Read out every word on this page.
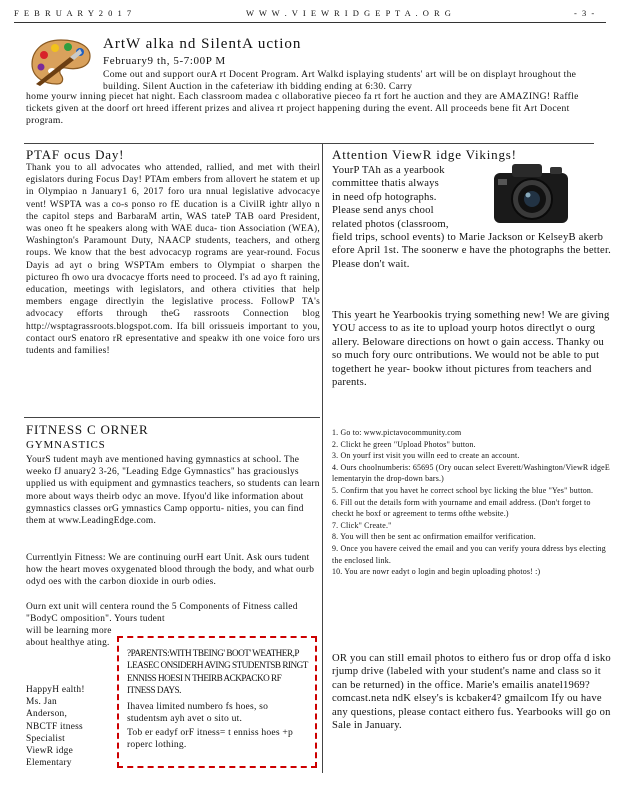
F E B R U A R Y 2 0 1 7	W W W . V I E W R I D G E P T A . O R G	- 3 -
ArtW alka nd SilentA uction
February9 th, 5-7:00P M

Come out and support ourA rt Docent Program. Art Walkd isplaying students' art will be on displayt hroughout the building. Silent Auction in the cafeteriaw ith bidding ending at 6:30. Carry

home yourw inning piecet hat night. Each classroom madea c ollaborative pieceo fa rt fort he auction and they are AMAZING! Raffle tickets given at the doorf ort hreed ifferent prizes and alivea rt project happening during the event. All proceeds bene fit Art Docent program.

PTAF ocus Day!

Thank you to all advocates who attended, rallied, and met with theirl egislators during Focus Day! PTAm embers from allovert he statem et up in Olympiao n January1 6, 2017 foro ura nnual legislative advocacye vent! WSPTA was a co-s ponso ro fE ducation is a CivilR ightr allyo n the capitol steps and BarbaraM artin, WAS tateP TAB oard President, was oneo ft he speakers along with WAE duca- tion Association (WEA), Washington's Paramount Duty, NAACP students, teachers, and otherg roups. We know that the best advocacyp rograms are year-round. Focus Dayis ad ayt o bring WSPTAm embers to Olympiat o sharpen the pictureo fh owo ura dvocacye fforts need to proceed. I's ad ayo ft raining, education, meetings with legislators, and othera ctivities that help members engage directlyin the legislative process. FollowP TA's advocacy efforts through theG rassroots Connection blog http://wsptagrassroots.blogspot.com. Ifa bill orissueis important to you, contact ourS enatoro rR epresentative and speakw ith one voice foro urs tudents and families!

FITNESS C ORNER
GYMNASTICS

YourS tudent mayh ave mentioned having gymnastics at school. The weeko fJ anuary2 3-26, "Leading Edge Gymnastics" has graciouslys upplied us with equipment and gymnastics teachers, so students can learn more about ways theirb odyc an move. Ifyou'd like information about gymnastics classes orG ymnastics Camp opportu- nities, you can find them at www.LeadingEdge.com.

Currentlyin Fitness: We are continuing ourH eart Unit. Ask ours tudent how the heart moves oxygenated blood through the body, and what ourb odyd oes with the carbon dioxide in ourb odies.

Ourn ext unit will centera round the 5 Components of Fitness called "BodyC omposition". Yours tudent

will be learning more about healthye ating.

HappyH ealth!
Ms. Jan
Anderson,
NBCTF itness
Specialist
ViewR idge
Elementary

?PARENTS:WITH TBEING' BOOT' WEATHER,P LEASEC ONSIDERH AVING STUDENTSB RINGT ENNISS HOESI N THEIRB ACKPACKO RF ITNESS DAYS.

Ihavea limited numbero fs hoes, so studentsm ayh avet o sito ut.

Tob er eadyf orF itness= t enniss hoes +p roperc lothing.

Attention ViewR idge Vikings!
YourP TAh as a yearbook
committee thatis always
in need ofp hotographs.
Please send anys chool
related photos (classroom,

field trips, school events) to Marie Jackson or KelseyB akerb efore April 1st. The soonerw e have the photographs the better. Please don't wait.

This yeart he Yearbookis trying something new! We are giving YOU access to as ite to upload yourp hotos directlyt o ourg allery. Beloware directions on howt o gain access. Thanky ou so much fory ourc ontributions. We would not be able to put togethert he year- bookw ithout pictures from teachers and parents.

1. Go to: www.pictavocommunity.com
2. Clickt he green "Upload Photos" button.
3. On yourf irst visit you willn eed to create an account.
4. Ours choolnumberis: 65695 (Ory oucan select Everett/Washington/ViewR idgeE lementaryin the drop-down bars.)
5. Confirm that you havet he correct school byc licking the blue "Yes" button.
6. Fill out the details form with yourname and email address. (Don't forget to checkt he boxf or agreement to terms ofthe website.)
7. Click" Create."
8. You will then be sent ac onfirmation emailfor verification.
9. Once you havere ceived the email and you can verify youra ddress bys electing the enclosed link.
10. You are nowr eadyt o login and begin uploading photos! :)

OR you can still email photos to eithero fus or drop offa d isko rjump drive (labeled with your student's name and class so it can be returned) in the office. Marie's emailis anatel1969? comcast.neta ndK elsey's is kcbaker4? gmailcom Ify ou have any questions, please contact eithero fus. Yearbooks will go on Sale in January.
